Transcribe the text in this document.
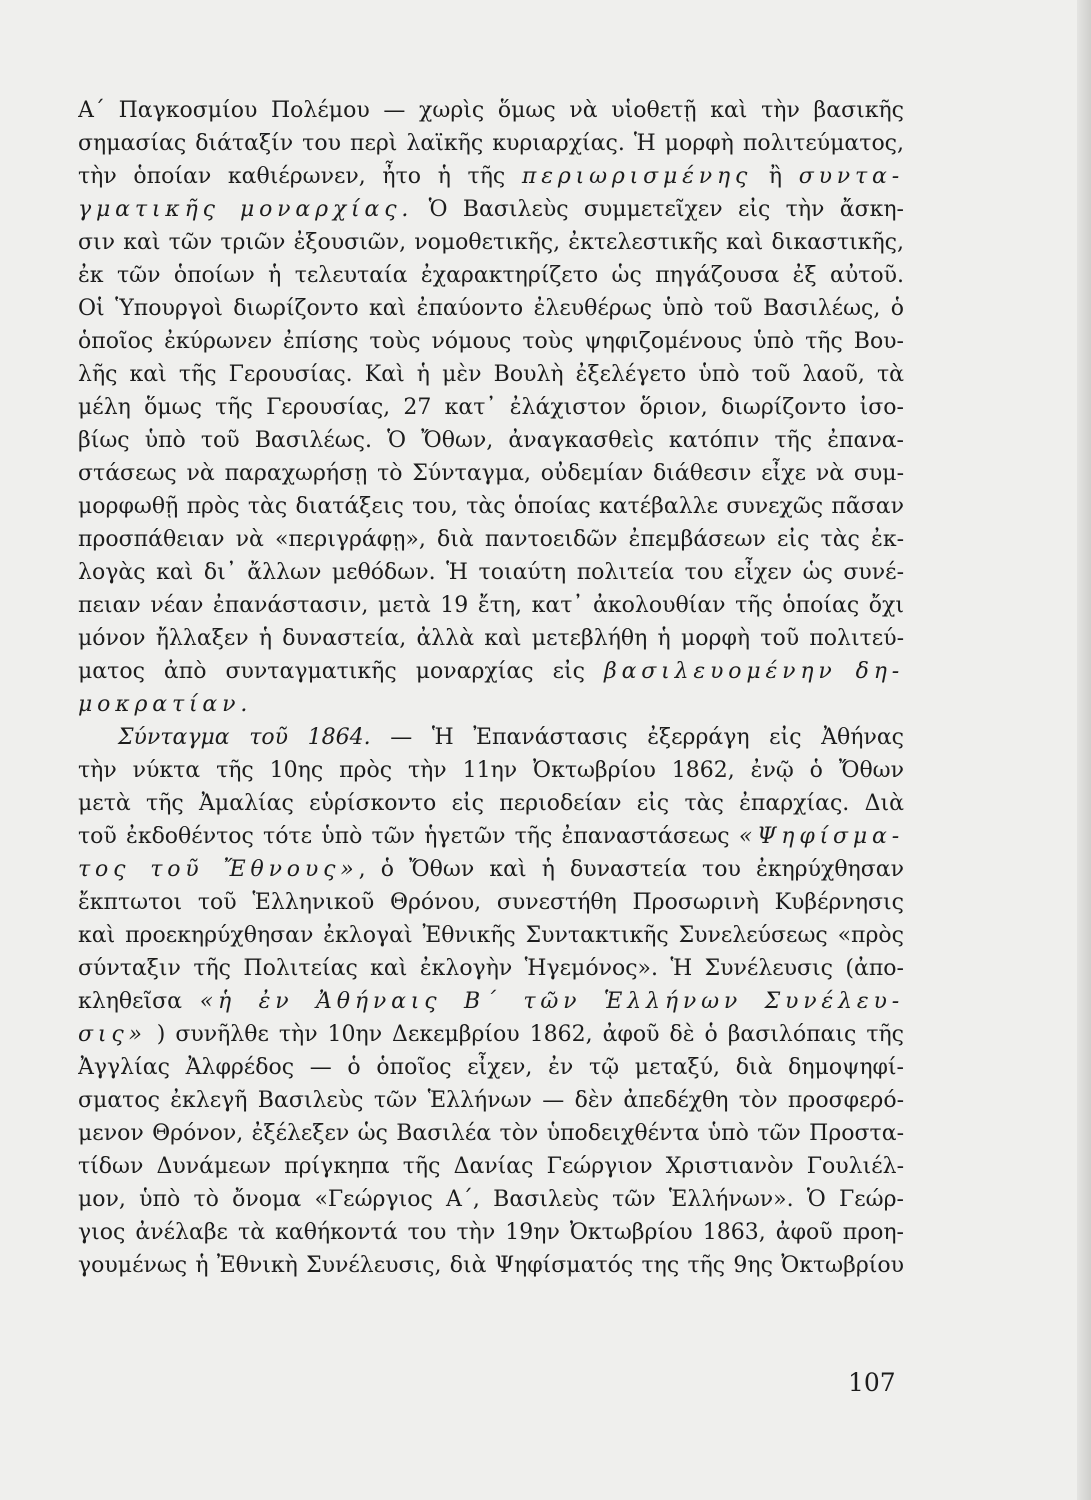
Α΄ Παγκοσμίου Πολέμου — χωρὶς ὅμως νὰ υἱοθετῇ καὶ τὴν βασικῆς
σημασίας διάταξίν του περὶ λαϊκῆς κυριαρχίας. Ἡ μορφὴ πολιτεύματος,
τὴν ὁποίαν καθιέρωνεν, ἦτο ἡ τῆς περιωρισμένης ἢ συντα-
γματικῆς μοναρχίας. Ὁ Βασιλεὺς συμμετεῖχεν εἰς τὴν ἄσκη-
σιν καὶ τῶν τριῶν ἐξουσιῶν, νομοθετικῆς, ἐκτελεστικῆς καὶ δικαστικῆς,
ἐκ τῶν ὁποίων ἡ τελευταία ἐχαρακτηρίζετο ὡς πηγάζουσα ἐξ αὐτοῦ.
Οἱ Ὑπουργοὶ διωρίζοντο καὶ ἐπαύοντο ἐλευθέρως ὑπὸ τοῦ Βασιλέως, ὁ
ὁποῖος ἐκύρωνεν ἐπίσης τοὺς νόμους τοὺς ψηφιζομένους ὑπὸ τῆς Βου-
λῆς καὶ τῆς Γερουσίας. Καὶ ἡ μὲν Βουλὴ ἐξελέγετο ὑπὸ τοῦ λαοῦ, τὰ
μέλη ὅμως τῆς Γερουσίας, 27 κατ᾽ ἐλάχιστον ὅριον, διωρίζοντο ἰσο-
βίως ὑπὸ τοῦ Βασιλέως. Ὁ Ὄθων, ἀναγκασθεὶς κατόπιν τῆς ἐπανα-
στάσεως νὰ παραχωρήσῃ τὸ Σύνταγμα, οὐδεμίαν διάθεσιν εἶχε νὰ συμ-
μορφωθῇ πρὸς τὰς διατάξεις του, τὰς ὁποίας κατέβαλλε συνεχῶς πᾶσαν
προσπάθειαν νὰ «περιγράφῃ», διὰ παντοειδῶν ἐπεμβάσεων εἰς τὰς ἐκ-
λογὰς καὶ δι᾽ ἄλλων μεθόδων. Ἡ τοιαύτη πολιτεία του εἶχεν ὡς συνέ-
πειαν νέαν ἐπανάστασιν, μετὰ 19 ἔτη, κατ᾽ ἀκολουθίαν τῆς ὁποίας ὄχι
μόνον ἤλλαξεν ἡ δυναστεία, ἀλλὰ καὶ μετεβλήθη ἡ μορφὴ τοῦ πολιτεύ-
ματος ἀπὸ συνταγματικῆς μοναρχίας εἰς βασιλευομένην δη-
μοκρατίαν.
Σύνταγμα τοῦ 1864. — Ἡ Ἐπανάστασις ἐξερράγη εἰς Ἀθήνας
τὴν νύκτα τῆς 10ης πρὸς τὴν 11ην Ὀκτωβρίου 1862, ἐνῷ ὁ Ὄθων
μετὰ τῆς Ἀμαλίας εὑρίσκοντο εἰς περιοδείαν εἰς τὰς ἐπαρχίας. Διὰ
τοῦ ἐκδοθέντος τότε ὑπὸ τῶν ἡγετῶν τῆς ἐπαναστάσεως «Ψηφίσμα-
τος τοῦ Ἔθνους», ὁ Ὄθων καὶ ἡ δυναστεία του ἐκηρύχθησαν
ἔκπτωτοι τοῦ Ἑλληνικοῦ Θρόνου, συνεστήθη Προσωρινὴ Κυβέρνησις
καὶ προεκηρύχθησαν ἐκλογαὶ Ἐθνικῆς Συντακτικῆς Συνελεύσεως «πρὸς
σύνταξιν τῆς Πολιτείας καὶ ἐκλογὴν Ἡγεμόνος». Ἡ Συνέλευσις (ἀπο-
κληθεῖσα «ἡ ἐν Ἀθήναις Β΄ τῶν Ἑλλήνων Συνέλευ-
σις» ) συνῆλθε τὴν 10ην Δεκεμβρίου 1862, ἀφοῦ δὲ ὁ βασιλόπαις τῆς
Ἀγγλίας Ἀλφρέδος — ὁ ὁποῖος εἶχεν, ἐν τῷ μεταξύ, διὰ δημοψηφί-
σματος ἐκλεγῆ Βασιλεὺς τῶν Ἑλλήνων — δὲν ἀπεδέχθη τὸν προσφερό-
μενον Θρόνον, ἐξέλεξεν ὡς Βασιλέα τὸν ὑποδειχθέντα ὑπὸ τῶν Προστα-
τίδων Δυνάμεων πρίγκηπα τῆς Δανίας Γεώργιον Χριστιανὸν Γουλιέλ-
μον, ὑπὸ τὸ ὄνομα «Γεώργιος Α΄, Βασιλεὺς τῶν Ἑλλήνων». Ὁ Γεώρ-
γιος ἀνέλαβε τὰ καθήκοντά του τὴν 19ην Ὀκτωβρίου 1863, ἀφοῦ προη-
γουμένως ἡ Ἐθνικὴ Συνέλευσις, διὰ Ψηφίσματός της τῆς 9ης Ὀκτωβρίου
107
